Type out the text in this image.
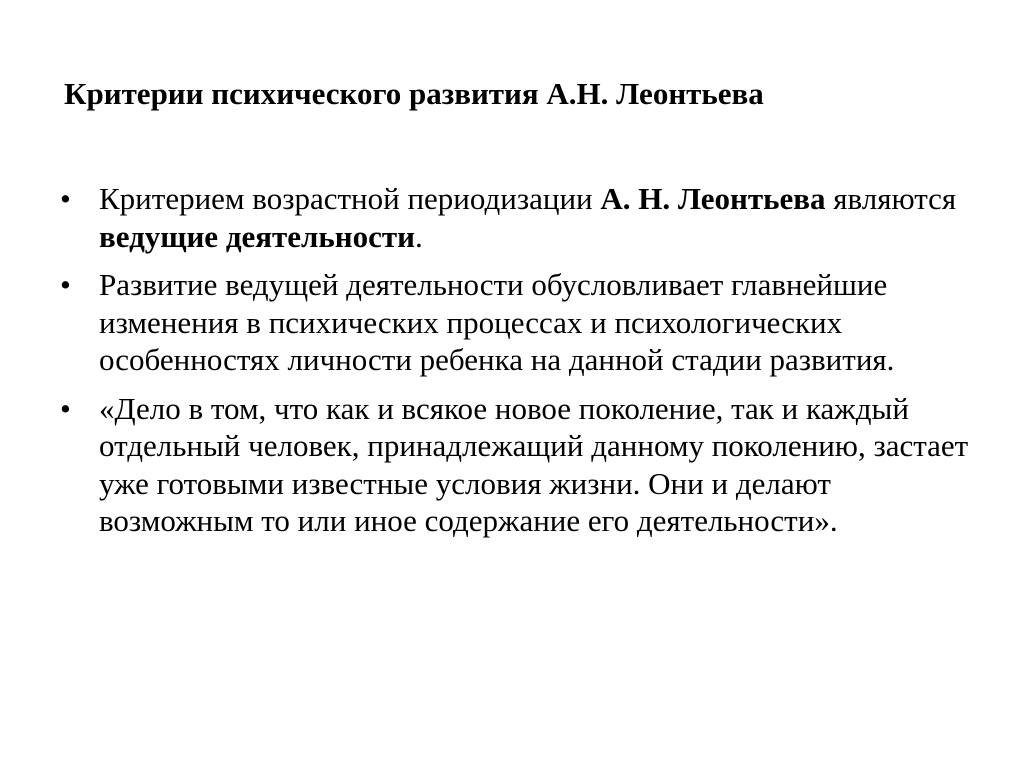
Критерии психического развития А.Н. Леонтьева
• Критерием возрастной периодизации А. Н. Леонтьева являются ведущие деятельности.
• Развитие ведущей деятельности обусловливает главнейшие изменения в психических процессах и психологических особенностях личности ребенка на данной стадии развития.
• «Дело в том, что как и всякое новое поколение, так и каждый отдельный человек, принадлежащий данному поколению, застает уже готовыми известные условия жизни. Они и делают возможным то или иное содержание его деятельности».
